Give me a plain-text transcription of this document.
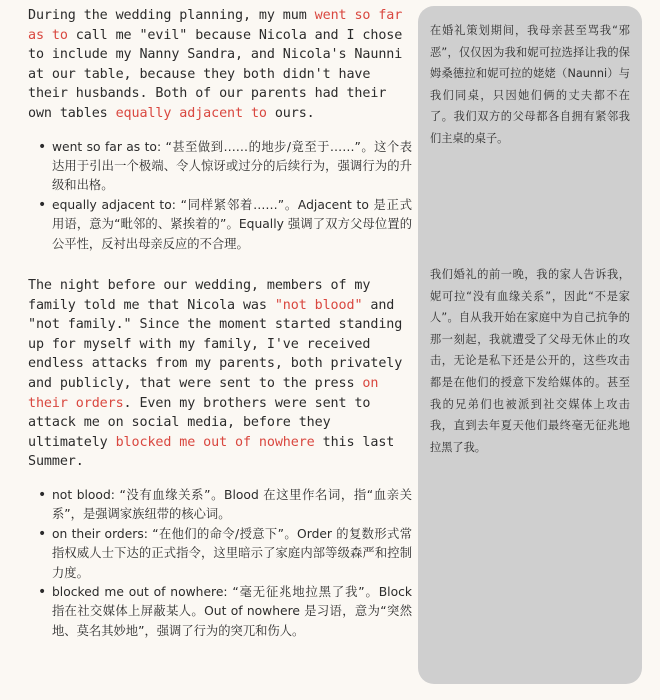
During the wedding planning, my mum went so far as to call me "evil" because Nicola and I chose to include my Nanny Sandra, and Nicola's Naunni at our table, because they both didn't have their husbands. Both of our parents had their own tables equally adjacent to ours.

• went so far as to: “甚至做到……的地步/竟至于……”。这个表达用于引出一个极端、令人惊讶或过分的后续行为，强调行为的升级和出格。
• equally adjacent to: “同样紧邻着……”。Adjacent to 是正式用语，意为“毗邻的、紧挨着的”。Equally 强调了双方父母位置的公平性，反衬出母亲反应的不合理。

The night before our wedding, members of my family told me that Nicola was "not blood" and "not family." Since the moment started standing up for myself with my family, I've received endless attacks from my parents, both privately and publicly, that were sent to the press on their orders. Even my brothers were sent to attack me on social media, before they ultimately blocked me out of nowhere this last Summer.

• not blood: “没有血缘关系”。Blood 在这里作名词，指“血亲关系”，是强调家族纽带的核心词。
• on their orders: “在他们的命令/授意下”。Order 的复数形式常指权威人士下达的正式指令，这里暗示了家庭内部等级森严和控制力度。
• blocked me out of nowhere: “毫无征兆地拉黑了我”。Block 指在社交媒体上屏蔽某人。Out of nowhere 是习语，意为“突然地、莫名其妙地”，强调了行为的突兀和伤人。

在婚礼策划期间，我母亲甚至骂我“邪恶”，仅仅因为我和妮可拉选择让我的保姆桑德拉和妮可拉的姥姥（Naunni）与我们同桌，只因她们俩的丈夫都不在了。我们双方的父母都各自拥有紧邻我们主桌的桌子。

我们婚礼的前一晚，我的家人告诉我，妮可拉“没有血缘关系”，因此“不是家人”。自从我开始在家庭中为自己抗争的那一刻起，我就遭受了父母无休止的攻击，无论是私下还是公开的，这些攻击都是在他们的授意下发给媒体的。甚至我的兄弟们也被派到社交媒体上攻击我，直到去年夏天他们最终毫无征兆地拉黑了我。
